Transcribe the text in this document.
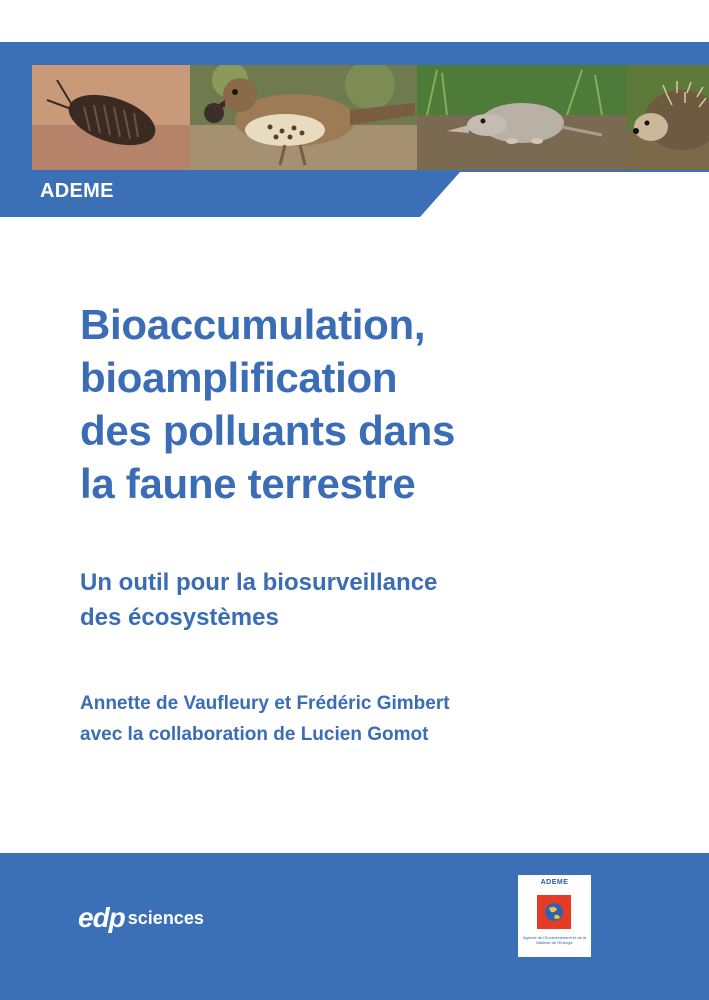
ADEME
Bioaccumulation,
bioamplification
des polluants dans
la faune terrestre
Un outil pour la biosurveillance
des écosystèmes

Annette de Vaufleury et Frédéric Gimbert
avec la collaboration de Lucien Gomot

edp sciences
ADEME
Agence de l'Environnement et de la Maîtrise de l'Energie
